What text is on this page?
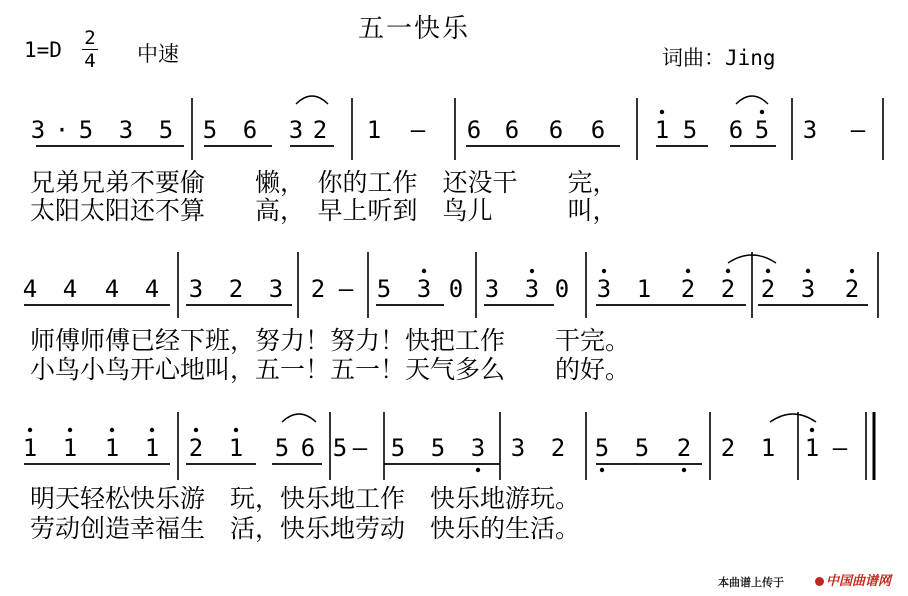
五一快乐
1=D 2
4 中速	词曲：Jing
3 · 5 3 5 5 6 3 2 1 – 6 6 6 6 1 5 6 5 3 –
4 4 4 4 3 2 3 2 – 5 3 0 3 3 0 3 1 2 2 2 3 2
1 1 1 1 2 1 5 6 5 – 5 5 3 3 2 5 5 2 2 1 1 –
兄弟兄弟不要偷　　懒，　你的工作　还没干　　完，
太阳太阳还不算　　高，　早上听到　鸟儿　　　叫，
师傅师傅已经下班，努力！努力！快把工作　　干完。
小鸟小鸟开心地叫，五一！五一！天气多么　　的好。
明天轻松快乐游　玩，快乐地工作　快乐地游玩。
劳动创造幸福生　活，快乐地劳动　快乐的生活。
本曲谱上传于	中国曲谱网
